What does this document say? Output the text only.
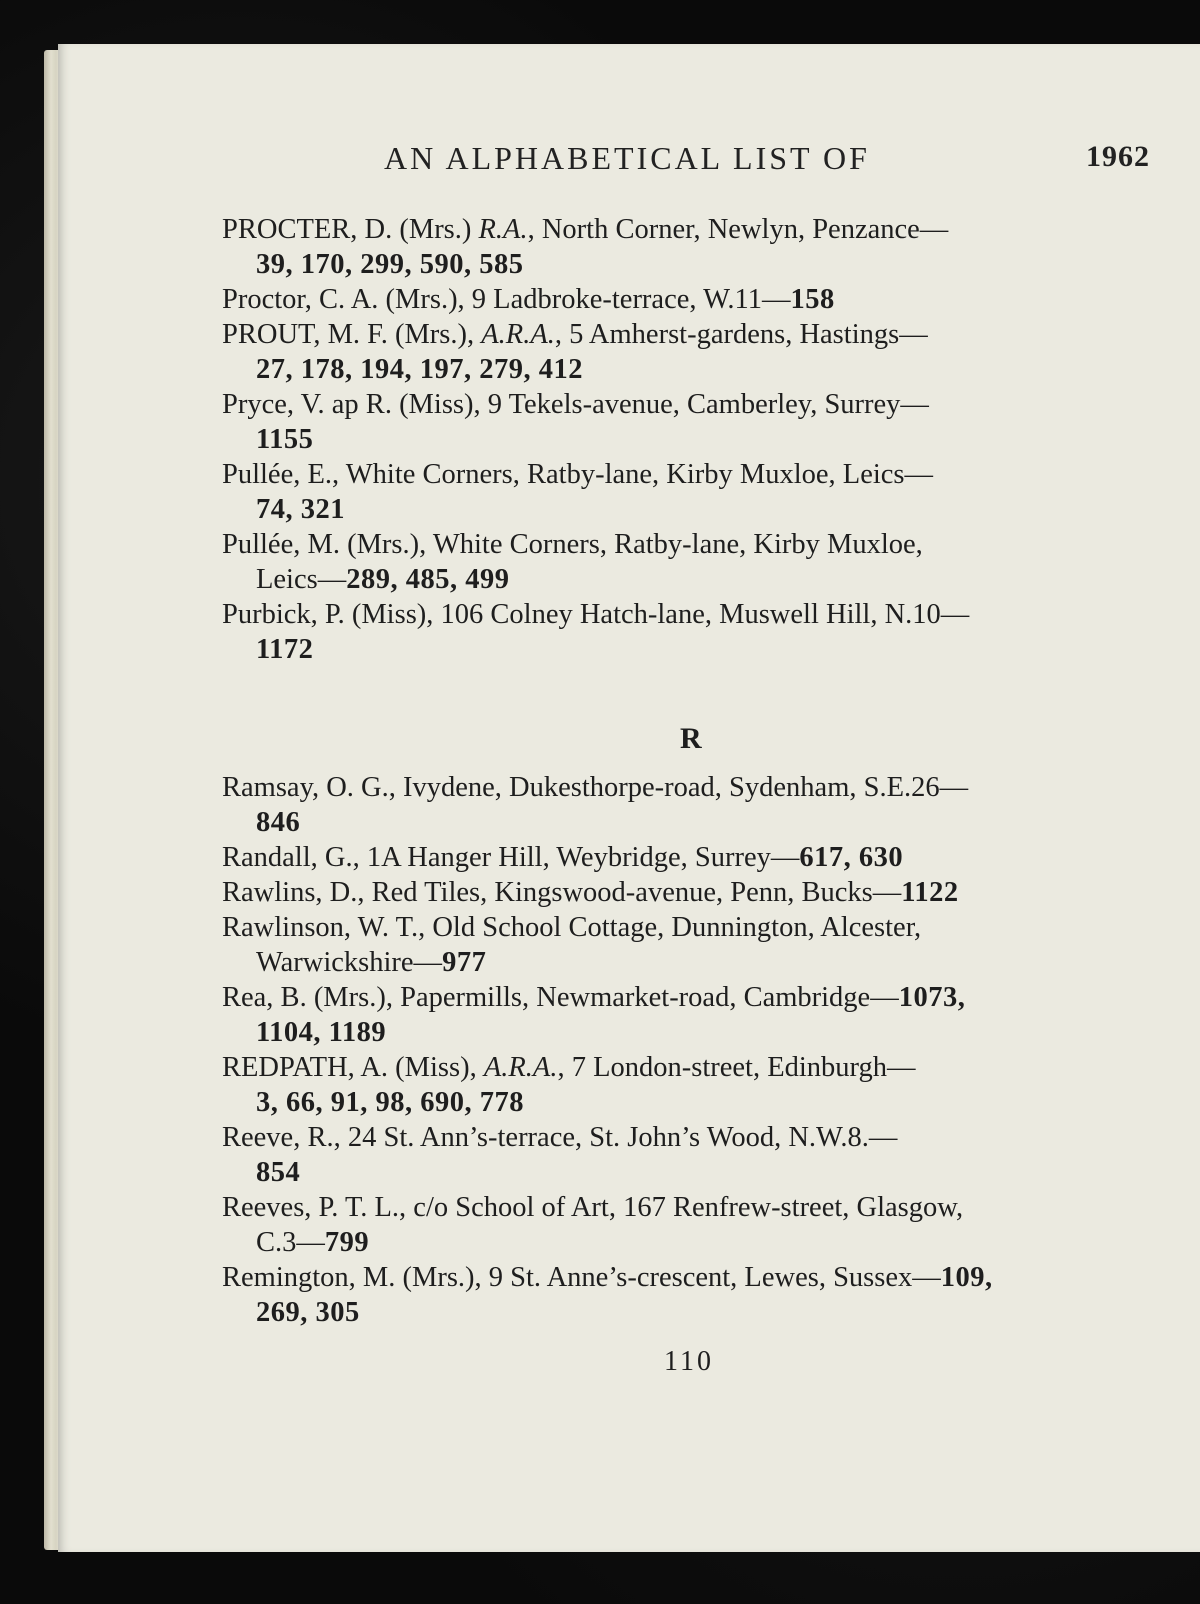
AN ALPHABETICAL LIST OF	1962

PROCTER, D. (Mrs.) R.A., North Corner, Newlyn, Penzance—
39, 170, 299, 590, 585

Proctor, C. A. (Mrs.), 9 Ladbroke-terrace, W.11—158

PROUT, M. F. (Mrs.), A.R.A., 5 Amherst-gardens, Hastings—
27, 178, 194, 197, 279, 412

Pryce, V. ap R. (Miss), 9 Tekels-avenue, Camberley, Surrey—
1155

Pullée, E., White Corners, Ratby-lane, Kirby Muxloe, Leics—
74, 321

Pullée, M. (Mrs.), White Corners, Ratby-lane, Kirby Muxloe,
Leics—289, 485, 499

Purbick, P. (Miss), 106 Colney Hatch-lane, Muswell Hill, N.10—
1172

R

Ramsay, O. G., Ivydene, Dukesthorpe-road, Sydenham, S.E.26—
846

Randall, G., 1A Hanger Hill, Weybridge, Surrey—617, 630

Rawlins, D., Red Tiles, Kingswood-avenue, Penn, Bucks—1122

Rawlinson, W. T., Old School Cottage, Dunnington, Alcester,
Warwickshire—977

Rea, B. (Mrs.), Papermills, Newmarket-road, Cambridge—1073,
1104, 1189

REDPATH, A. (Miss), A.R.A., 7 London-street, Edinburgh—
3, 66, 91, 98, 690, 778

Reeve, R., 24 St. Ann’s-terrace, St. John’s Wood, N.W.8.—
854

Reeves, P. T. L., c/o School of Art, 167 Renfrew-street, Glasgow,
C.3—799

Remington, M. (Mrs.), 9 St. Anne’s-crescent, Lewes, Sussex—109,
269, 305

110
